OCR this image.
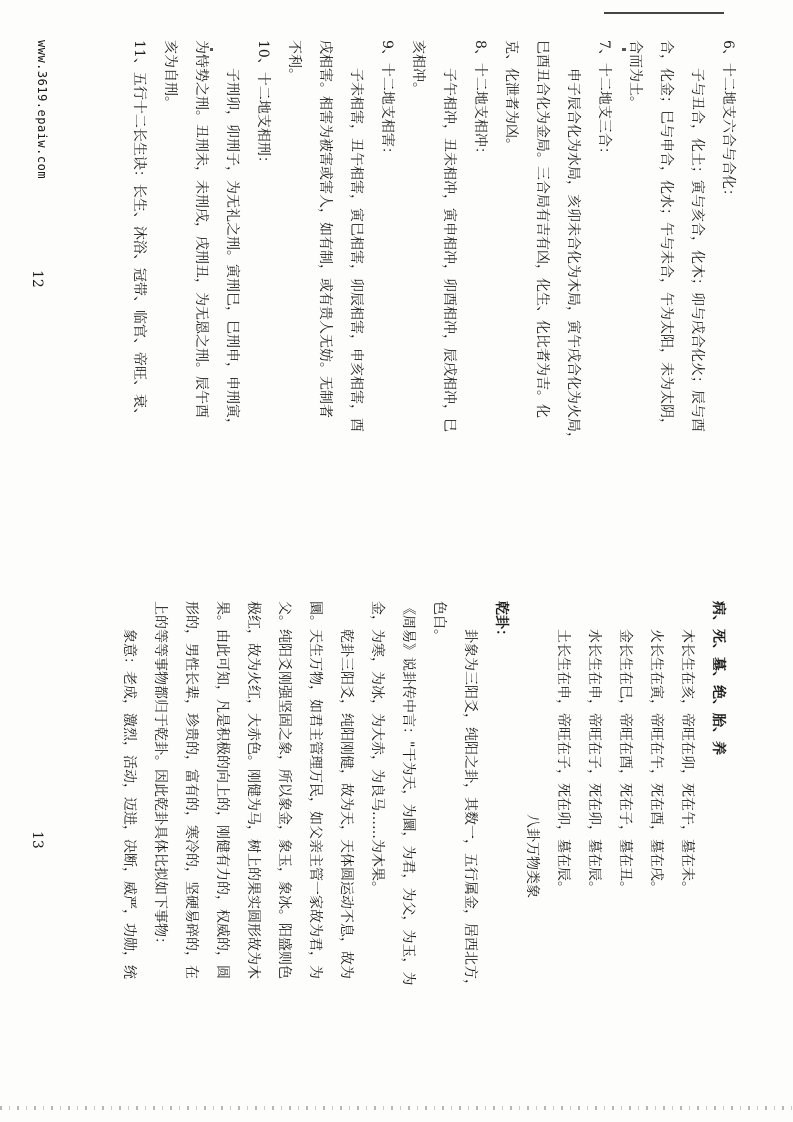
6、十二地支六合与合化：

子与丑合，化土；寅与亥合，化木；卯与戌合化火；辰与酉

合，化金；巳与申合，化水；午与未合，午为太阳，未为太阴，

合而为土。

7、十二地支三合：

申子辰合化为水局，亥卯未合化为木局，寅午戌合化为火局，

巳酉丑合化为金局。三合局有吉有凶，化生、化比者为吉。化

克、化泄者为凶。

8、十二地支相冲：

子午相冲，丑未相冲，寅申相冲，卯酉相冲，辰戌相冲，巳

亥相冲。

9、十二地支相害：

子未相害，丑午相害，寅巳相害，卯辰相害，申亥相害，酉

戌相害。相害为被害或害人，如有制，或有贵人无妨。无制者

不利。

10、十二地支相刑：

子刑卯，卯刑子，为无礼之刑。寅刑巳，巳刑申，申刑寅，

为恃势之刑。丑刑未，未刑戌，戌刑丑，为无恩之刑。辰午酉

亥为自刑。

11、五行十二长生诀：长生、沐浴、冠带、临官、帝旺、衰、

www.3619.epaiw.com
12

病、死、墓、绝、胎、养

木长生在亥，帝旺在卯，死在午，墓在未。

火长生在寅，帝旺在午，死在酉，墓在戌。

金长生在巳，帝旺在酉，死在子，墓在丑。

水长生在申，帝旺在子，死在卯，墓在辰。

土长生在申，帝旺在子，死在卯，墓在辰。

八卦万物类象

乾卦：

卦象为三阳爻，纯阳之卦，其数一，五行属金，居西北方，

色白。

《周易》说卦传中言："干为天，为圜，为君，为父，为玉，为

金，为寒，为冰，为大赤，为良马……为木果。

乾卦三阳爻，纯阳刚健，故为天，天体圆运动不息，故为

圜。天生万物，如君主管理万民，如父亲主管一家故为君，为

父。纯阳爻刚强坚固之象，所以象金，象玉，象冰。阳盛则色

极红，故为火红，大赤色。刚健为马，树上的果实圆形故为木

果。由此可知，凡是积极的向上的，刚健有力的，权威的，圆

形的，男性长辈，珍贵的，富有的，寒冷的，坚硬易碎的，在

上的等等事物都归于乾卦。因此乾卦具体比拟如下事物：

象意：老成，激烈，活动，迈进，决断，威严，功勋，统

13
